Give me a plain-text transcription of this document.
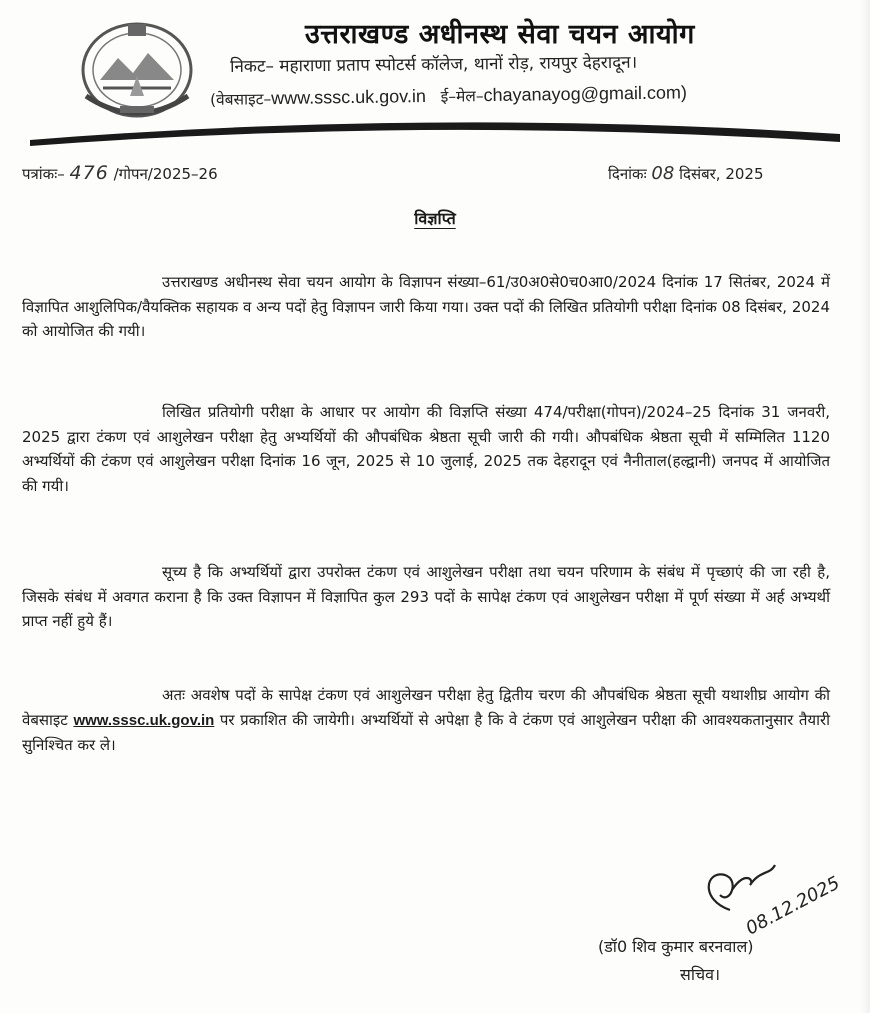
उत्तराखण्ड अधीनस्थ सेवा चयन आयोग
निकट– महाराणा प्रताप स्पोटर्स कॉलेज, थानों रोड़, रायपुर देहरादून।
(वेबसाइट–www.sssc.uk.gov.in ई–मेल–chayanayog@gmail.com)
पत्रांकः– 476 /गोपन/2025–26	दिनांकः 08 दिसंबर, 2025
विज्ञप्ति

उत्तराखण्ड अधीनस्थ सेवा चयन आयोग के विज्ञापन संख्या–61/उ0अ0से0च0आ0/2024 दिनांक 17 सितंबर, 2024 में विज्ञापित आशुलिपिक/वैयक्तिक सहायक व अन्य पदों हेतु विज्ञापन जारी किया गया। उक्त पदों की लिखित प्रतियोगी परीक्षा दिनांक 08 दिसंबर, 2024 को आयोजित की गयी।

लिखित प्रतियोगी परीक्षा के आधार पर आयोग की विज्ञप्ति संख्या 474/परीक्षा(गोपन)/2024–25 दिनांक 31 जनवरी, 2025 द्वारा टंकण एवं आशुलेखन परीक्षा हेतु अभ्यर्थियों की औपबंधिक श्रेष्ठता सूची जारी की गयी। औपबंधिक श्रेष्ठता सूची में सम्मिलित 1120 अभ्यर्थियों की टंकण एवं आशुलेखन परीक्षा दिनांक 16 जून, 2025 से 10 जुलाई, 2025 तक देहरादून एवं नैनीताल(हल्द्वानी) जनपद में आयोजित की गयी।

सूच्य है कि अभ्यर्थियों द्वारा उपरोक्त टंकण एवं आशुलेखन परीक्षा तथा चयन परिणाम के संबंध में पृच्छाएं की जा रही है, जिसके संबंध में अवगत कराना है कि उक्त विज्ञापन में विज्ञापित कुल 293 पदों के सापेक्ष टंकण एवं आशुलेखन परीक्षा में पूर्ण संख्या में अर्ह अभ्यर्थी प्राप्त नहीं हुये हैं।

अतः अवशेष पदों के सापेक्ष टंकण एवं आशुलेखन परीक्षा हेतु द्वितीय चरण की औपबंधिक श्रेष्ठता सूची यथाशीघ्र आयोग की वेबसाइट www.sssc.uk.gov.in पर प्रकाशित की जायेगी। अभ्यर्थियों से अपेक्षा है कि वे टंकण एवं आशुलेखन परीक्षा की आवश्यकतानुसार तैयारी सुनिश्चित कर ले।

08.12.2025
(डॉ0 शिव कुमार बरनवाल)
सचिव।
